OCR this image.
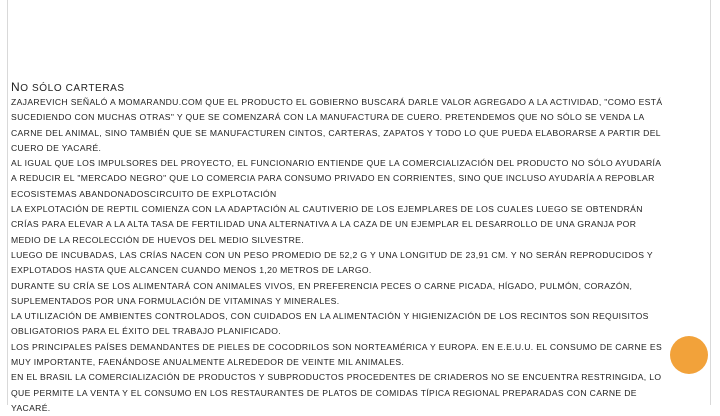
NO SÓLO CARTERAS

ZAJAREVICH SEÑALÓ A MOMARANDU.COM QUE EL PRODUCTO EL GOBIERNO BUSCARÁ DARLE VALOR AGREGADO A LA ACTIVIDAD, "COMO ESTÁ SUCEDIENDO CON MUCHAS OTRAS" Y QUE SE COMENZARÁ CON LA MANUFACTURA DE CUERO. PRETENDEMOS QUE NO SÓLO SE VENDA LA CARNE DEL ANIMAL, SINO TAMBIÉN QUE SE MANUFACTUREN CINTOS, CARTERAS, ZAPATOS Y TODO LO QUE PUEDA ELABORARSE A PARTIR DEL CUERO DE YACARÉ.

AL IGUAL QUE LOS IMPULSORES DEL PROYECTO, EL FUNCIONARIO ENTIENDE QUE LA COMERCIALIZACIÓN DEL PRODUCTO NO SÓLO AYUDARÍA A REDUCIR EL "MERCADO NEGRO" QUE LO COMERCIA PARA CONSUMO PRIVADO EN CORRIENTES, SINO QUE INCLUSO AYUDARÍA A REPOBLAR ECOSISTEMAS ABANDONADOSCIRCUITO DE EXPLOTACIÓN

LA EXPLOTACIÓN DE REPTIL COMIENZA CON LA ADAPTACIÓN AL CAUTIVERIO DE LOS EJEMPLARES DE LOS CUALES LUEGO SE OBTENDRÁN CRÍAS PARA ELEVAR A LA ALTA TASA DE FERTILIDAD UNA ALTERNATIVA A LA CAZA DE UN EJEMPLAR EL DESARROLLO DE UNA GRANJA POR MEDIO DE LA RECOLECCIÓN DE HUEVOS DEL MEDIO SILVESTRE.

LUEGO DE INCUBADAS, LAS CRÍAS NACEN CON UN PESO PROMEDIO DE 52,2 G Y UNA LONGITUD DE 23,91 CM. Y NO SERÁN REPRODUCIDOS Y EXPLOTADOS HASTA QUE ALCANCEN CUANDO MENOS 1,20 METROS DE LARGO.

DURANTE SU CRÍA SE LOS ALIMENTARÁ CON ANIMALES VIVOS, EN PREFERENCIA PECES O CARNE PICADA, HÍGADO, PULMÓN, CORAZÓN, SUPLEMENTADOS POR UNA FORMULACIÓN DE VITAMINAS Y MINERALES.

LA UTILIZACIÓN DE AMBIENTES CONTROLADOS, CON CUIDADOS EN LA ALIMENTACIÓN Y HIGIENIZACIÓN DE LOS RECINTOS SON REQUISITOS OBLIGATORIOS PARA EL ÉXITO DEL TRABAJO PLANIFICADO.

LOS PRINCIPALES PAÍSES DEMANDANTES DE PIELES DE COCODRILOS SON NORTEAMÉRICA Y EUROPA. EN E.E.U.U. EL CONSUMO DE CARNE ES MUY IMPORTANTE, FAENÁNDOSE ANUALMENTE ALREDEDOR DE VEINTE MIL ANIMALES.

EN EL BRASIL LA COMERCIALIZACIÓN DE PRODUCTOS Y SUBPRODUCTOS PROCEDENTES DE CRIADEROS NO SE ENCUENTRA RESTRINGIDA, LO QUE PERMITE LA VENTA Y EL CONSUMO EN LOS RESTAURANTES DE PLATOS DE COMIDAS TÍPICA REGIONAL PREPARADAS CON CARNE DE YACARÉ.
